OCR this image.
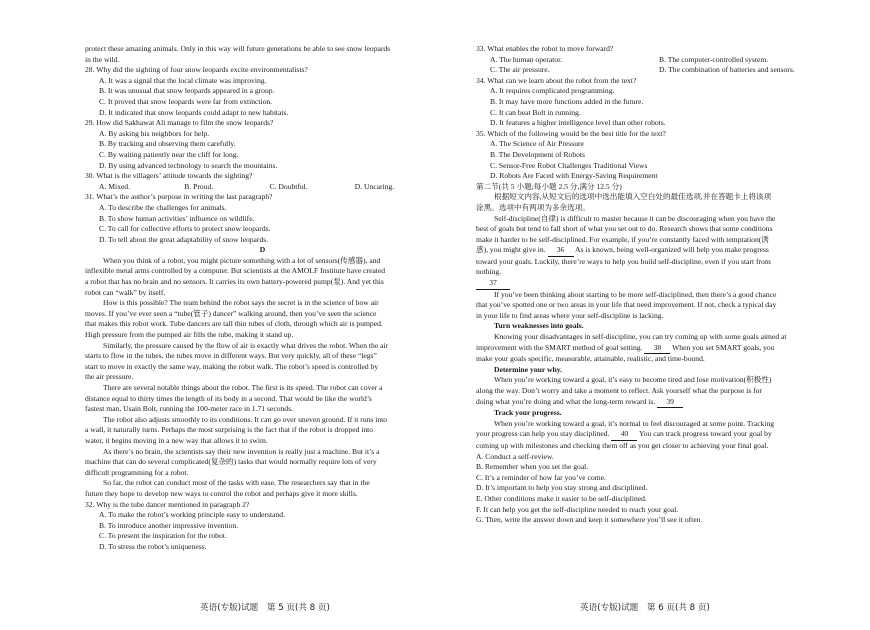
protect these amazing animals. Only in this way will future generations be able to see snow leopards

in the wild.

28. Why did the sighting of four snow leopards excite environmentalists?

A. It was a signal that the local climate was improving.

B. It was unusual that snow leopards appeared in a group.

C. It proved that snow leopards were far from extinction.

D. It indicated that snow leopards could adapt to new habitats.

29. How did Sakhawat Ali manage to film the snow leopards?

A. By asking his neighbors for help.

B. By tracking and observing them carefully.

C. By waiting patiently near the cliff for long.

D. By using advanced technology to search the mountains.

30. What is the villagers’ attitude towards the sighting?

A. Mixed.	B. Proud.	C. Doubtful.	D. Uncaring.

31. What’s the author’s purpose in writing the last paragraph?

A. To describe the challenges for animals.

B. To show human activities’ influence on wildlife.

C. To call for collective efforts to protect snow leopards.

D. To tell about the great adaptability of snow leopards.

D

When you think of a robot, you might picture something with a lot of sensors(传感器), and

inflexible metal arms controlled by a computer. But scientists at the AMOLF Institute have created

a robot that has no brain and no sensors. It carries its own battery-powered pump(泵). And yet this

robot can “walk” by itself.

How is this possible? The team behind the robot says the secret is in the science of how air

moves. If you’ve ever seen a “tube(管子) dancer” walking around, then you’ve seen the science

that makes this robot work. Tube dancers are tall thin tubes of cloth, through which air is pumped.

High pressure from the pumped air fills the tube, making it stand up.

Similarly, the pressure caused by the flow of air is exactly what drives the robot. When the air

starts to flow in the tubes, the tubes move in different ways. But very quickly, all of these “legs”

start to move in exactly the same way, making the robot walk. The robot’s speed is controlled by

the air pressure.

There are several notable things about the robot. The first is its speed. The robot can cover a

distance equal to thirty times the length of its body in a second. That would be like the world’s

fastest man, Usain Bolt, running the 100-meter race in 1.71 seconds.

The robot also adjusts smoothly to its conditions. It can go over uneven ground. If it runs into

a wall, it naturally turns. Perhaps the most surprising is the fact that if the robot is dropped into

water, it begins moving in a new way that allows it to swim.

As there’s no brain, the scientists say their new invention is really just a machine. But it’s a

machine that can do several complicated(复杂的) tasks that would normally require lots of very

difficult programming for a robot.

So far, the robot can conduct most of the tasks with ease. The researchers say that in the

future they hope to develop new ways to control the robot and perhaps give it more skills.

32. Why is the tube dancer mentioned in paragraph 2?

A. To make the robot’s working principle easy to understand.

B. To introduce another impressive invention.

C. To present the inspiration for the robot.

D. To stress the robot’s uniqueness.

33. What enables the robot to move forward?

A. The human operator.	B. The computer-controlled system.
C. The air pressure.	D. The combination of batteries and sensors.

34. What can we learn about the robot from the text?

A. It requires complicated programming.

B. It may have more functions added in the future.

C. It can beat Bolt in running.

D. It features a higher intelligence level than other robots.

35. Which of the following would be the best title for the text?

A. The Science of Air Pressure

B. The Development of Robots

C. Sensor-Free Robot Challenges Traditional Views

D. Robots Are Faced with Energy-Saving Requirement

第二节(共 5 小题;每小题 2.5 分,满分 12.5 分)

根据短文内容,从短文后的选项中选出能填入空白处的最佳选项,并在答题卡上将该项

涂黑。选项中有两项为多余选项。

Self-discipline(自律) is difficult to master because it can be discouraging when you have the

best of goals but tend to fall short of what you set out to do. Research shows that some conditions

make it harder to be self-disciplined. For example, if you’re constantly faced with temptation(诱

惑), you might give in. 36 As is known, being well-organized will help you make progress

toward your goals. Luckily, there’re ways to help you build self-discipline, even if you start from

nothing.

37

If you’ve been thinking about starting to be more self-disciplined, then there’s a good chance

that you’ve spotted one or two areas in your life that need improvement. If not, check a typical day

in your life to find areas where your self-discipline is lacking.

Turn weaknesses into goals.

Knowing your disadvantages in self-discipline, you can try coming up with some goals aimed at

improvement with the SMART method of goal setting. 38 When you set SMART goals, you

make your goals specific, measurable, attainable, realistic, and time-bound.

Determine your why.

When you’re working toward a goal, it’s easy to become tired and lose motivation(积极性)

along the way. Don’t worry and take a moment to reflect. Ask yourself what the purpose is for

doing what you’re doing and what the long-term reward is. 39

Track your progress.

When you’re working toward a goal, it’s normal to feel discouraged at some point. Tracking

your progress can help you stay disciplined. 40 You can track progress toward your goal by

coming up with milestones and checking them off as you get closer to achieving your final goal.

A. Conduct a self-review.

B. Remember when you set the goal.

C. It’s a reminder of how far you’ve come.

D. It’s important to help you stay strong and disciplined.

E. Other conditions make it easier to be self-disciplined.

F. It can help you get the self-discipline needed to reach your goal.

G. Then, write the answer down and keep it somewhere you’ll see it often.

英语(专版)试题　第 5 页(共 8 页)	英语(专版)试题　第 6 页(共 8 页)
